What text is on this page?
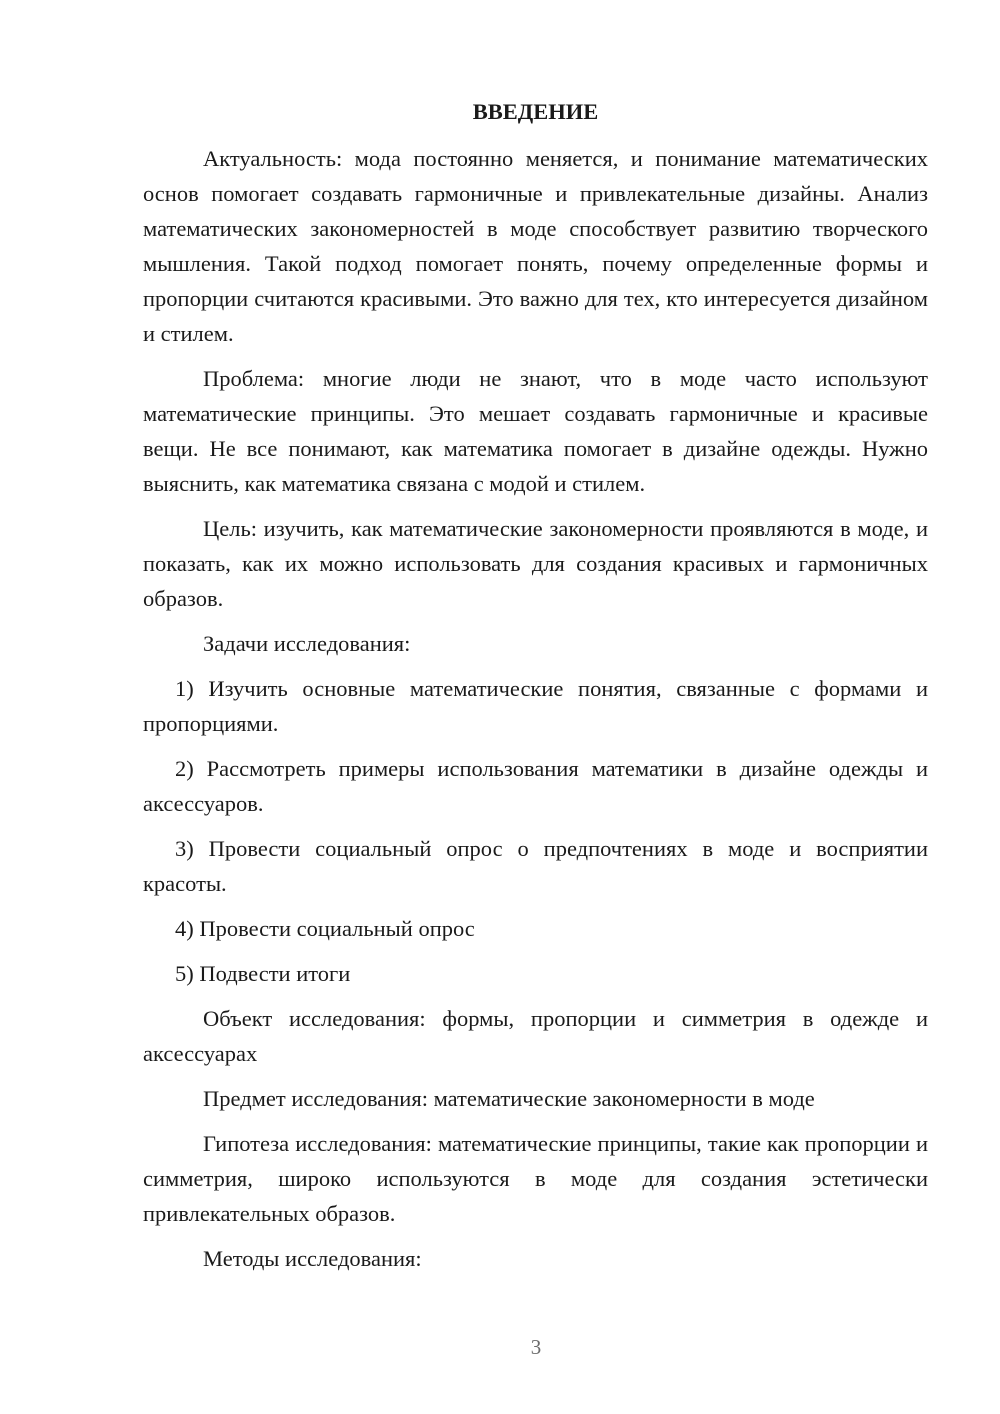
ВВЕДЕНИЕ

Актуальность: мода постоянно меняется, и понимание математических основ помогает создавать гармоничные и привлекательные дизайны. Анализ математических закономерностей в моде способствует развитию творческого мышления. Такой подход помогает понять, почему определенные формы и пропорции считаются красивыми. Это важно для тех, кто интересуется дизайном и стилем.

Проблема: многие люди не знают, что в моде часто используют математические принципы. Это мешает создавать гармоничные и красивые вещи. Не все понимают, как математика помогает в дизайне одежды. Нужно выяснить, как математика связана с модой и стилем.

Цель: изучить, как математические закономерности проявляются в моде, и показать, как их можно использовать для создания красивых и гармоничных образов.

Задачи исследования:

1) Изучить основные математические понятия, связанные с формами и пропорциями.

2) Рассмотреть примеры использования математики в дизайне одежды и аксессуаров.

3) Провести социальный опрос о предпочтениях в моде и восприятии красоты.

4) Провести социальный опрос

5) Подвести итоги

Объект исследования: формы, пропорции и симметрия в одежде и аксессуарах

Предмет исследования: математические закономерности в моде

Гипотеза исследования: математические принципы, такие как пропорции и симметрия, широко используются в моде для создания эстетически привлекательных образов.

Методы исследования:

3
